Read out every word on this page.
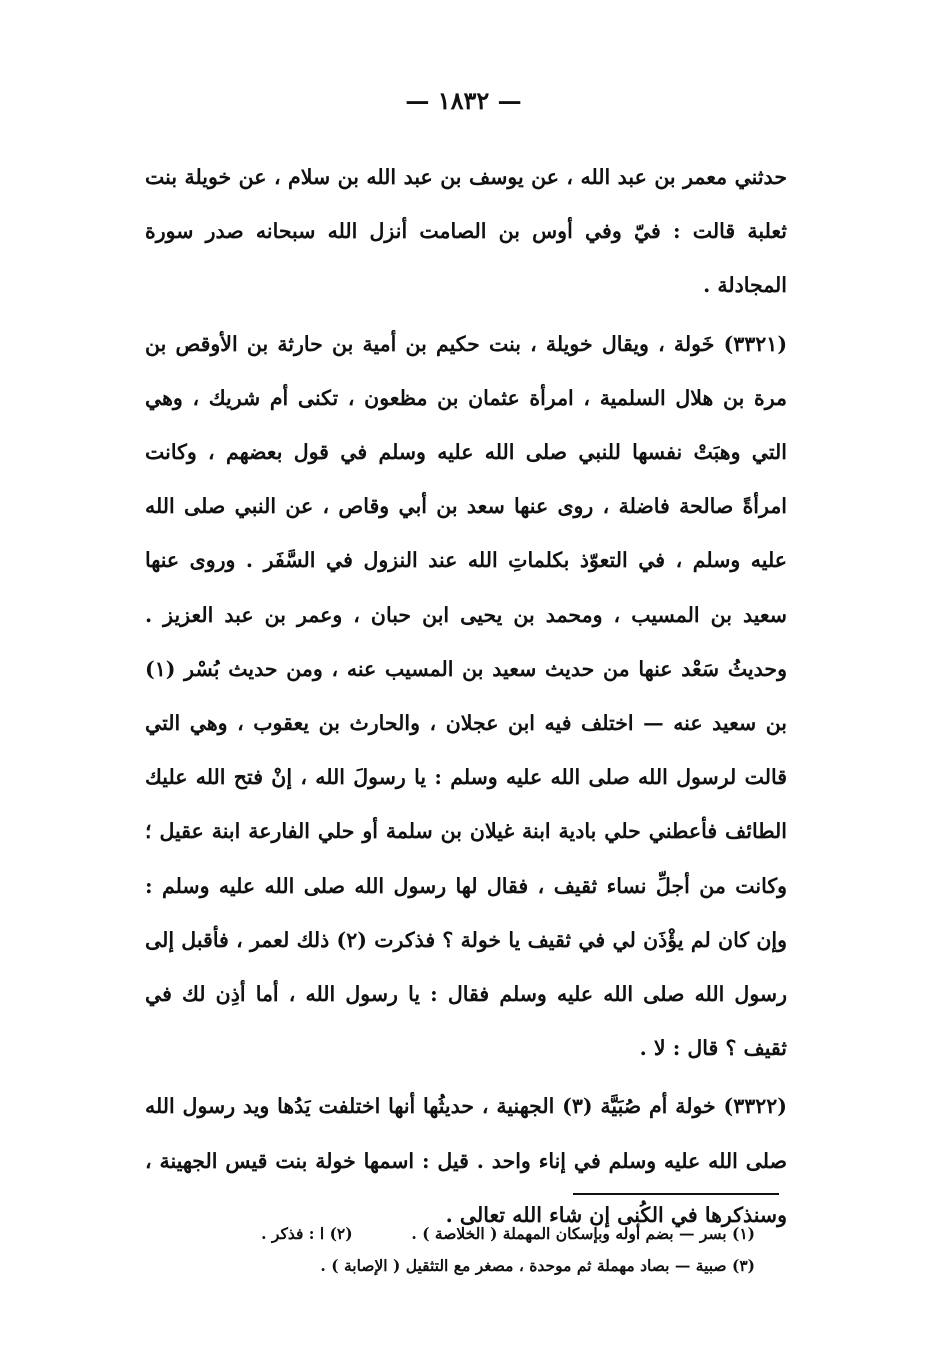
— ١٨٣٢ —

حدثني معمر بن عبد الله ، عن يوسف بن عبد الله بن سلام ، عن خويلة بنت ثعلبة قالت : فيّ وفي أوس بن الصامت أنزل الله سبحانه صدر سورة المجادلة .

(٣٣٢١) خَولة ، ويقال خويلة ، بنت حكيم بن أمية بن حارثة بن الأوقص بن مرة بن هلال السلمية ، امرأة عثمان بن مظعون ، تكنى أم شريك ، وهي التي وهبَتْ نفسها للنبي صلى الله عليه وسلم في قول بعضهم ، وكانت امرأةً صالحة فاضلة ، روى عنها سعد بن أبي وقاص ، عن النبي صلى الله عليه وسلم ، في التعوّذ بكلماتِ الله عند النزول في السَّفَر . وروى عنها سعيد بن المسيب ، ومحمد بن يحيى ابن حبان ، وعمر بن عبد العزيز . وحديثُ سَعْد عنها من حديث سعيد بن المسيب عنه ، ومن حديث بُسْر (١) بن سعيد عنه — اختلف فيه ابن عجلان ، والحارث بن يعقوب ، وهي التي قالت لرسول الله صلى الله عليه وسلم : يا رسولَ الله ، إنْ فتح الله عليك الطائف فأعطني حلي بادية ابنة غيلان بن سلمة أو حلي الفارعة ابنة عقيل ؛ وكانت من أجلِّ نساء ثقيف ، فقال لها رسول الله صلى الله عليه وسلم : وإن كان لم يؤْذَن لي في ثقيف يا خولة ؟ فذكرت (٢) ذلك لعمر ، فأقبل إلى رسول الله صلى الله عليه وسلم فقال : يا رسول الله ، أما أذِن لك في ثقيف ؟ قال : لا .

(٣٣٢٢) خولة أم صُبَيَّة (٣) الجهنية ، حديثُها أنها اختلفت يَدُها ويد رسول الله صلى الله عليه وسلم في إناء واحد . قيل : اسمها خولة بنت قيس الجهينة ، وسنذكرها في الكُنى إن شاء الله تعالى .

(١) بسر — بضم أوله وبإسكان المهملة ( الخلاصة ) .  (٢) ا : فذكر .
(٣) صبية — بصاد مهملة ثم موحدة ، مصغر مع التثقيل ( الإصابة ) .
